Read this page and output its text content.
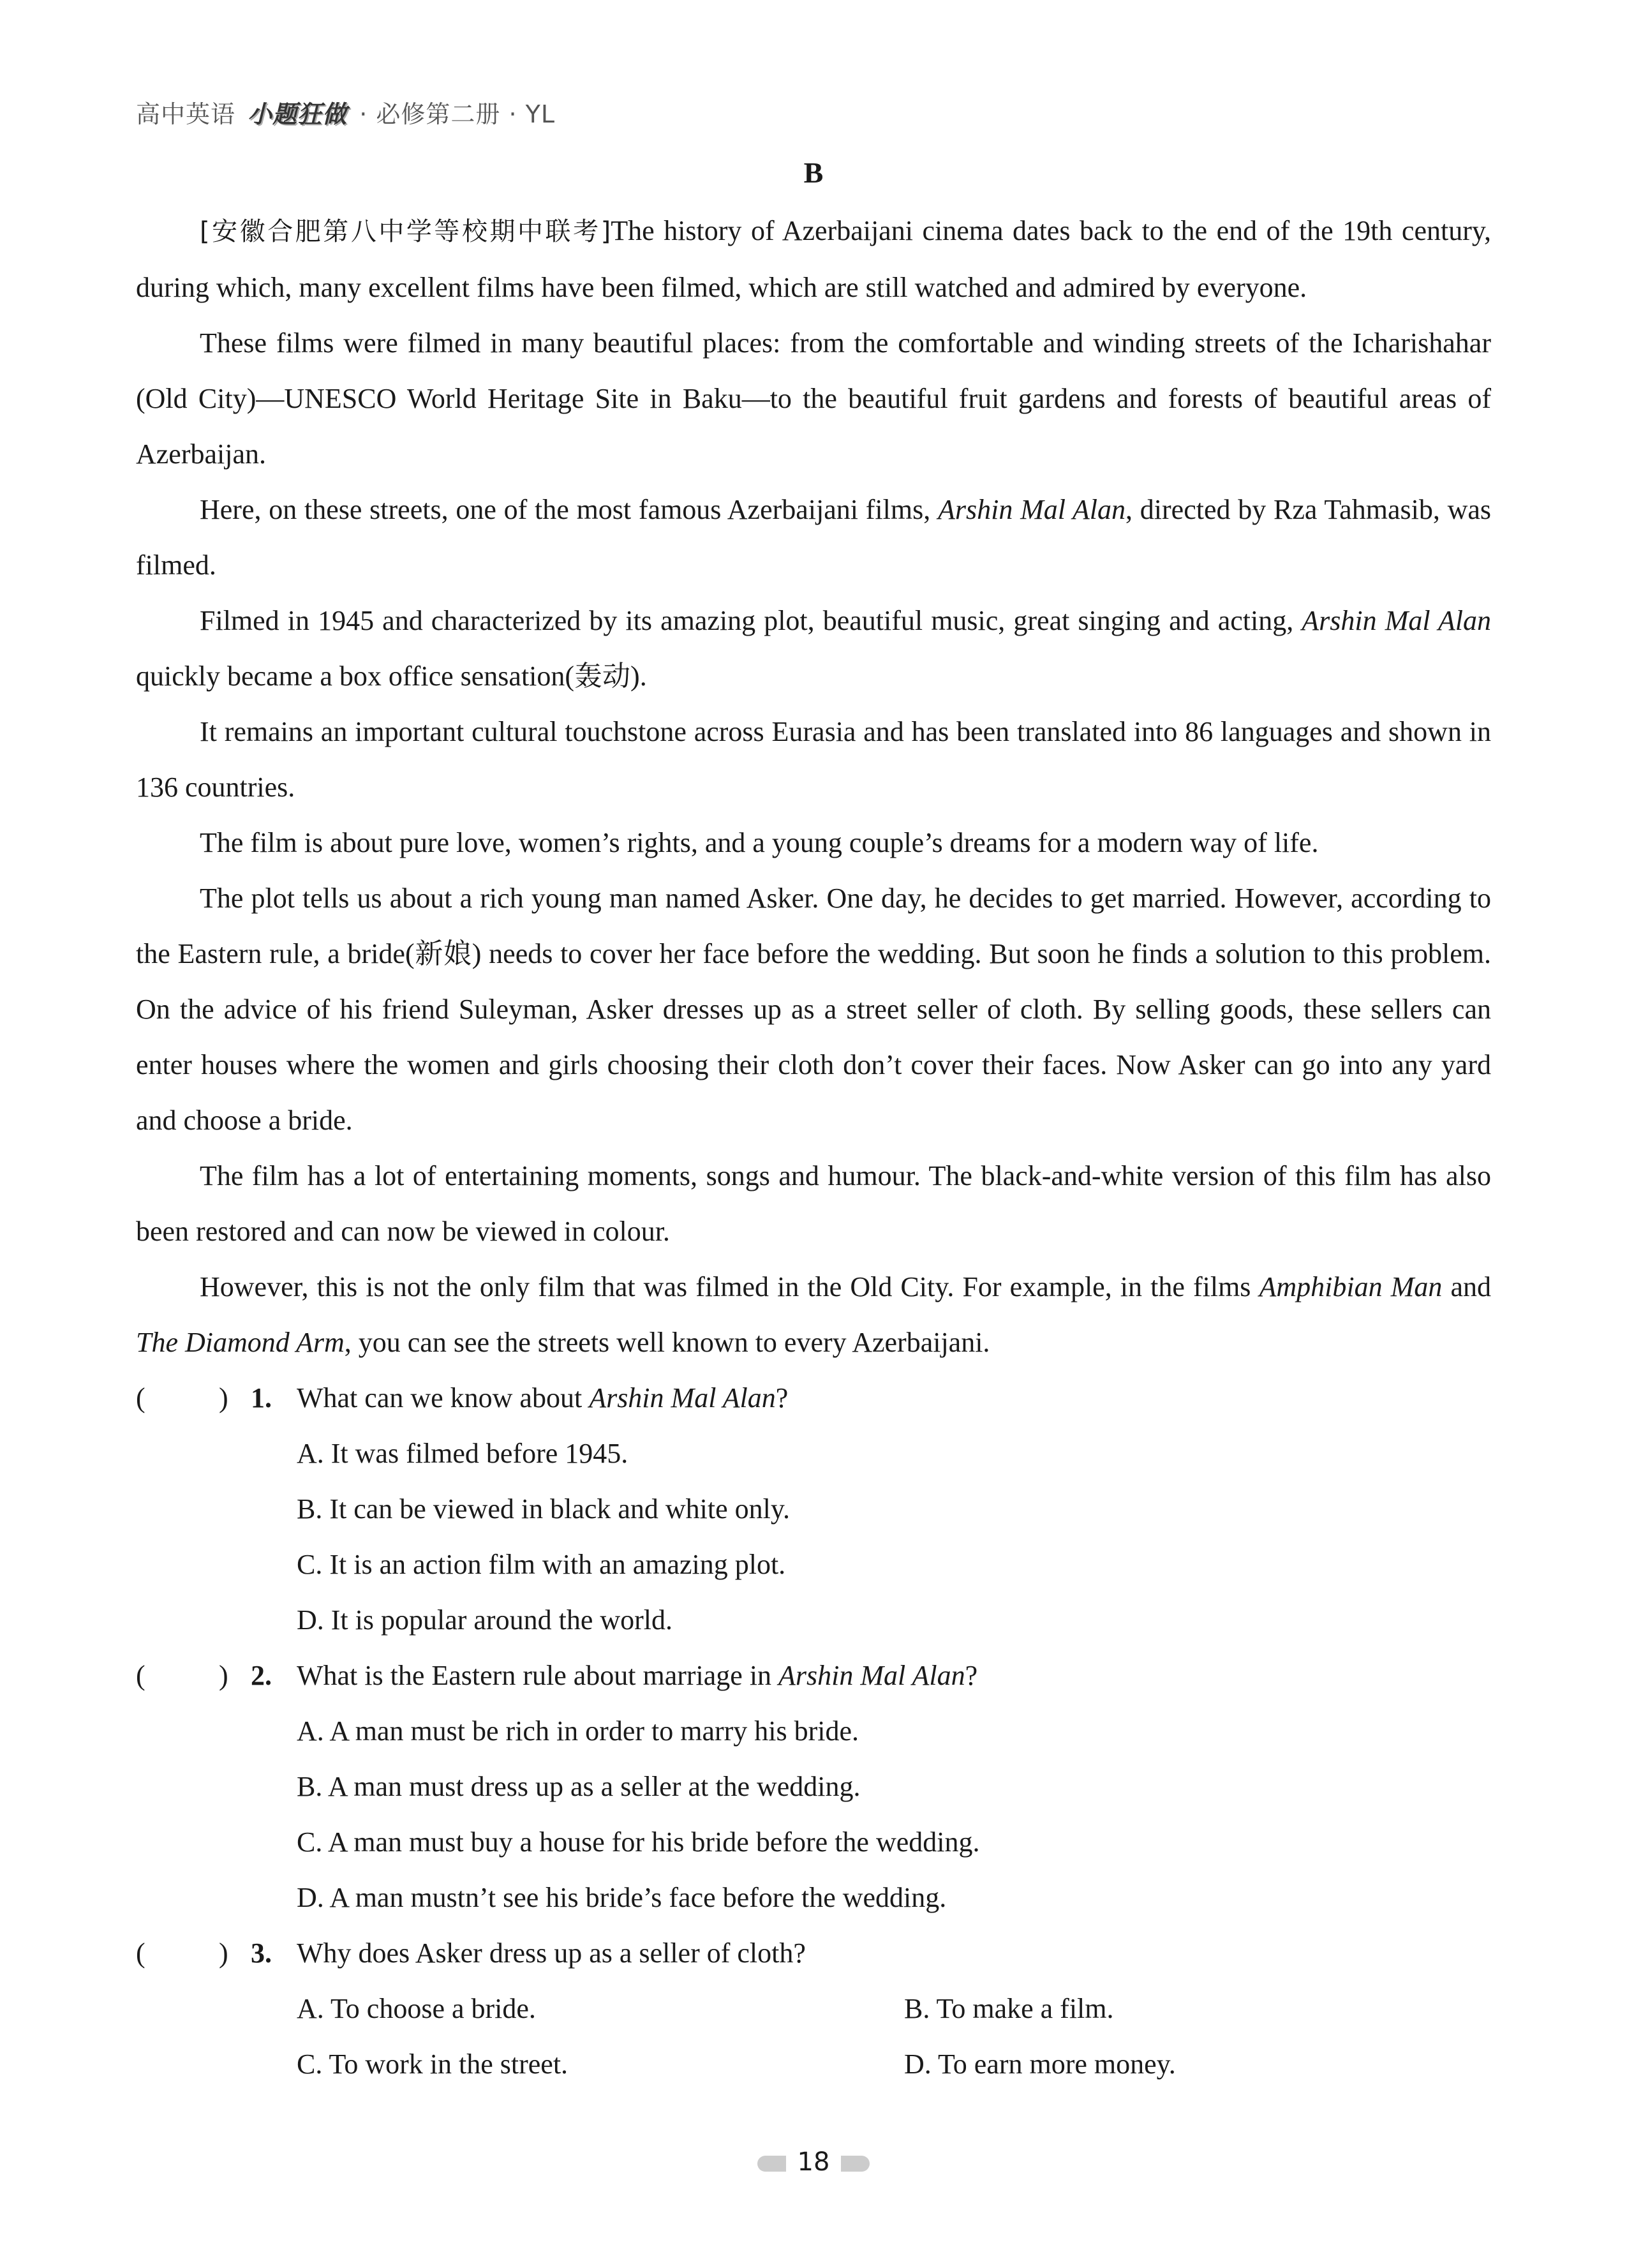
高中英语 小题狂做 · 必修第二册 · YL
B

[安徽合肥第八中学等校期中联考]The history of Azerbaijani cinema dates back to the end of the 19th century, during which, many excellent films have been filmed, which are still watched and admired by everyone.

These films were filmed in many beautiful places: from the comfortable and winding streets of the Icharishahar (Old City)—UNESCO World Heritage Site in Baku—to the beautiful fruit gardens and forests of beautiful areas of Azerbaijan.

Here, on these streets, one of the most famous Azerbaijani films, Arshin Mal Alan, directed by Rza Tahmasib, was filmed.

Filmed in 1945 and characterized by its amazing plot, beautiful music, great singing and acting, Arshin Mal Alan quickly became a box office sensation(轰动).

It remains an important cultural touchstone across Eurasia and has been translated into 86 languages and shown in 136 countries.

The film is about pure love, women’s rights, and a young couple’s dreams for a modern way of life.

The plot tells us about a rich young man named Asker. One day, he decides to get married. However, according to the Eastern rule, a bride(新娘) needs to cover her face before the wedding. But soon he finds a solution to this problem. On the advice of his friend Suleyman, Asker dresses up as a street seller of cloth. By selling goods, these sellers can enter houses where the women and girls choosing their cloth don’t cover their faces. Now Asker can go into any yard and choose a bride.

The film has a lot of entertaining moments, songs and humour. The black-and-white version of this film has also been restored and can now be viewed in colour.

However, this is not the only film that was filmed in the Old City. For example, in the films Amphibian Man and The Diamond Arm, you can see the streets well known to every Azerbaijani.

(	) 1. What can we know about Arshin Mal Alan?
A. It was filmed before 1945.
B. It can be viewed in black and white only.
C. It is an action film with an amazing plot.
D. It is popular around the world.
(	) 2. What is the Eastern rule about marriage in Arshin Mal Alan?
A. A man must be rich in order to marry his bride.
B. A man must dress up as a seller at the wedding.
C. A man must buy a house for his bride before the wedding.
D. A man mustn’t see his bride’s face before the wedding.
(	) 3. Why does Asker dress up as a seller of cloth?
A. To choose a bride.	B. To make a film.
C. To work in the street.	D. To earn more money.
18
